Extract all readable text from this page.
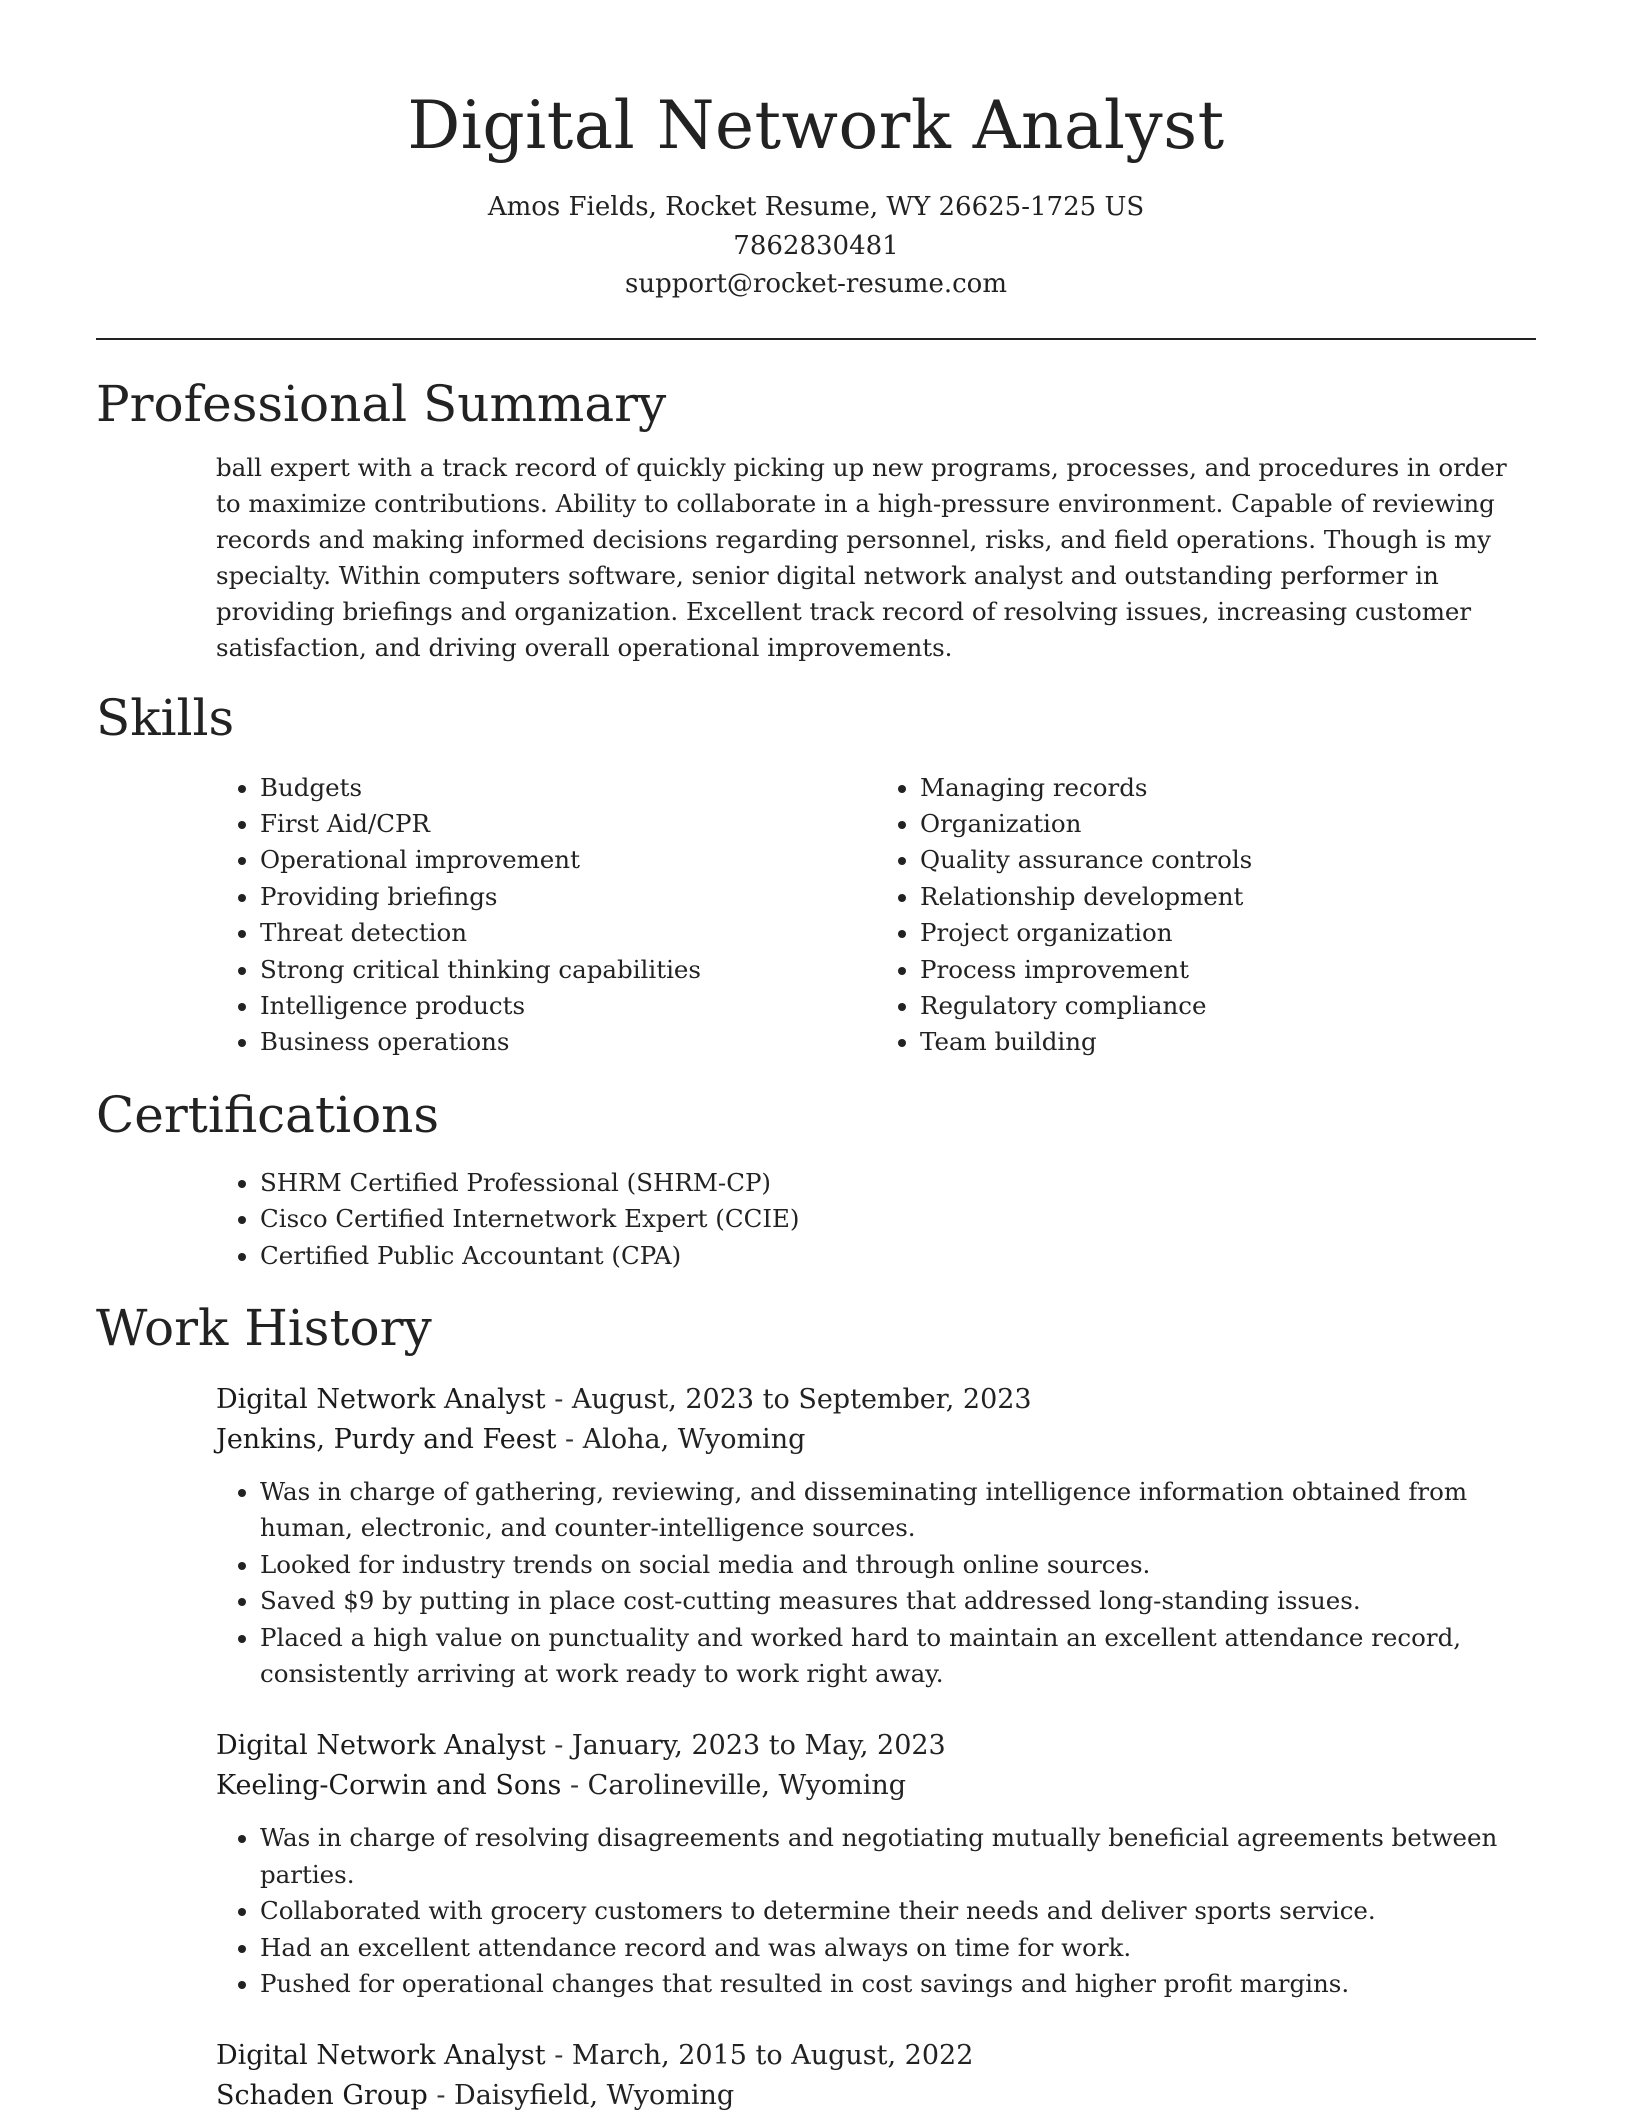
Digital Network Analyst

Amos Fields, Rocket Resume, WY 26625-1725 US

7862830481

support@rocket-resume.com

Professional Summary

ball expert with a track record of quickly picking up new programs, processes, and procedures in order to maximize contributions. Ability to collaborate in a high-pressure environment. Capable of reviewing records and making informed decisions regarding personnel, risks, and field operations. Though is my specialty. Within computers software, senior digital network analyst and outstanding performer in providing briefings and organization. Excellent track record of resolving issues, increasing customer satisfaction, and driving overall operational improvements.

Skills
• Budgets
• First Aid/CPR
• Operational improvement
• Providing briefings
• Threat detection
• Strong critical thinking capabilities
• Intelligence products
• Business operations
• Managing records
• Organization
• Quality assurance controls
• Relationship development
• Project organization
• Process improvement
• Regulatory compliance
• Team building
Certifications
• SHRM Certified Professional (SHRM-CP)
• Cisco Certified Internetwork Expert (CCIE)
• Certified Public Accountant (CPA)
Work History

Digital Network Analyst - August, 2023 to September, 2023

Jenkins, Purdy and Feest - Aloha, Wyoming

• Was in charge of gathering, reviewing, and disseminating intelligence information obtained from human, electronic, and counter-intelligence sources.
• Looked for industry trends on social media and through online sources.
• Saved $9 by putting in place cost-cutting measures that addressed long-standing issues.
• Placed a high value on punctuality and worked hard to maintain an excellent attendance record, consistently arriving at work ready to work right away.

Digital Network Analyst - January, 2023 to May, 2023

Keeling-Corwin and Sons - Carolineville, Wyoming

• Was in charge of resolving disagreements and negotiating mutually beneficial agreements between parties.
• Collaborated with grocery customers to determine their needs and deliver sports service.
• Had an excellent attendance record and was always on time for work.
• Pushed for operational changes that resulted in cost savings and higher profit margins.

Digital Network Analyst - March, 2015 to August, 2022

Schaden Group - Daisyfield, Wyoming
